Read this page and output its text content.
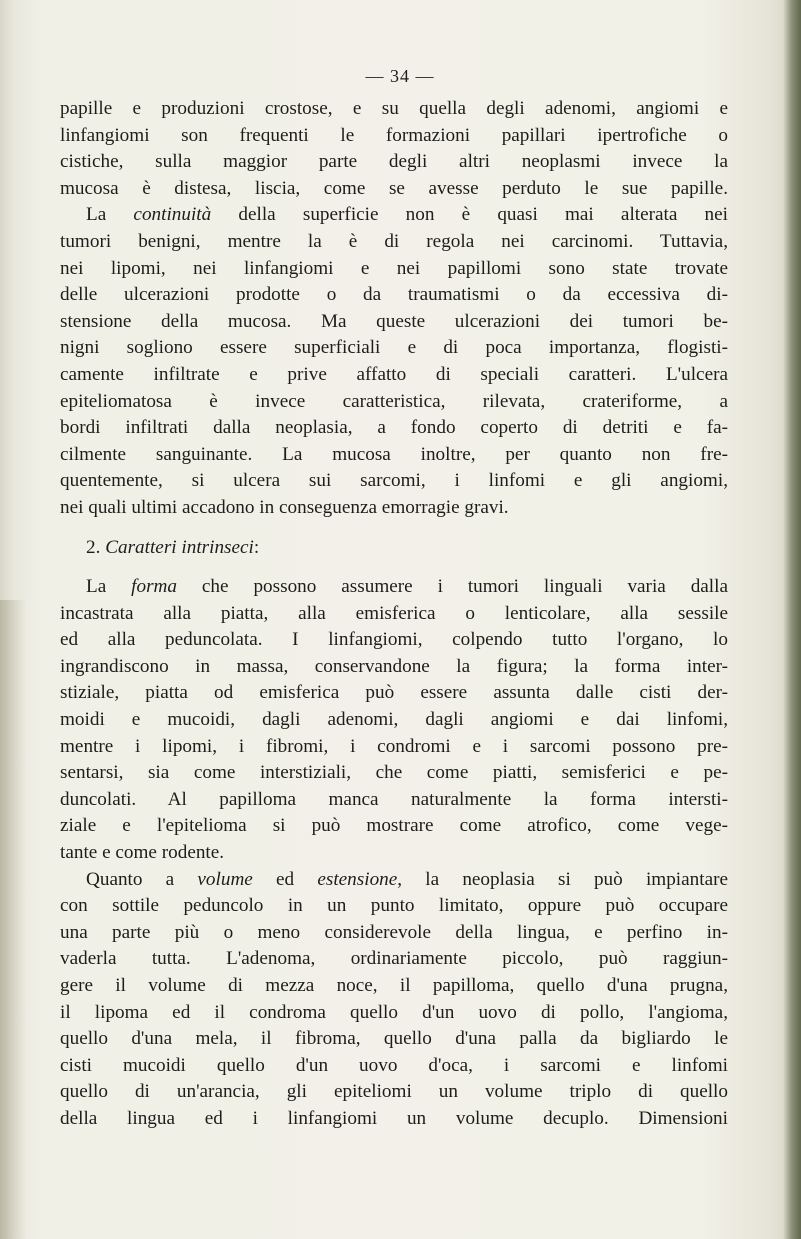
— 34 —
papille e produzioni crostose, e su quella degli adenomi, angiomi e
linfangiomi son frequenti le formazioni papillari ipertrofiche o
cistiche, sulla maggior parte degli altri neoplasmi invece la
mucosa è distesa, liscia, come se avesse perduto le sue papille.
La continuità della superficie non è quasi mai alterata nei
tumori benigni, mentre la è di regola nei carcinomi. Tuttavia,
nei lipomi, nei linfangiomi e nei papillomi sono state trovate
delle ulcerazioni prodotte o da traumatismi o da eccessiva di-
stensione della mucosa. Ma queste ulcerazioni dei tumori be-
nigni sogliono essere superficiali e di poca importanza, flogisti-
camente infiltrate e prive affatto di speciali caratteri. L'ulcera
epiteliomatosa è invece caratteristica, rilevata, crateriforme, a
bordi infiltrati dalla neoplasia, a fondo coperto di detriti e fa-
cilmente sanguinante. La mucosa inoltre, per quanto non fre-
quentemente, si ulcera sui sarcomi, i linfomi e gli angiomi,
nei quali ultimi accadono in conseguenza emorragie gravi.
2. Caratteri intrinseci:
La forma che possono assumere i tumori linguali varia dalla
incastrata alla piatta, alla emisferica o lenticolare, alla sessile
ed alla peduncolata. I linfangiomi, colpendo tutto l'organo, lo
ingrandiscono in massa, conservandone la figura; la forma inter-
stiziale, piatta od emisferica può essere assunta dalle cisti der-
moidi e mucoidi, dagli adenomi, dagli angiomi e dai linfomi,
mentre i lipomi, i fibromi, i condromi e i sarcomi possono pre-
sentarsi, sia come interstiziali, che come piatti, semisferici e pe-
duncolati. Al papilloma manca naturalmente la forma intersti-
ziale e l'epitelioma si può mostrare come atrofico, come vege-
tante e come rodente.
Quanto a volume ed estensione, la neoplasia si può impiantare
con sottile peduncolo in un punto limitato, oppure può occupare
una parte più o meno considerevole della lingua, e perfino in-
vaderla tutta. L'adenoma, ordinariamente piccolo, può raggiun-
gere il volume di mezza noce, il papilloma, quello d'una prugna,
il lipoma ed il condroma quello d'un uovo di pollo, l'angioma,
quello d'una mela, il fibroma, quello d'una palla da bigliardo le
cisti mucoidi quello d'un uovo d'oca, i sarcomi e linfomi
quello di un'arancia, gli epiteliomi un volume triplo di quello
della lingua ed i linfangiomi un volume decuplo. Dimensioni
